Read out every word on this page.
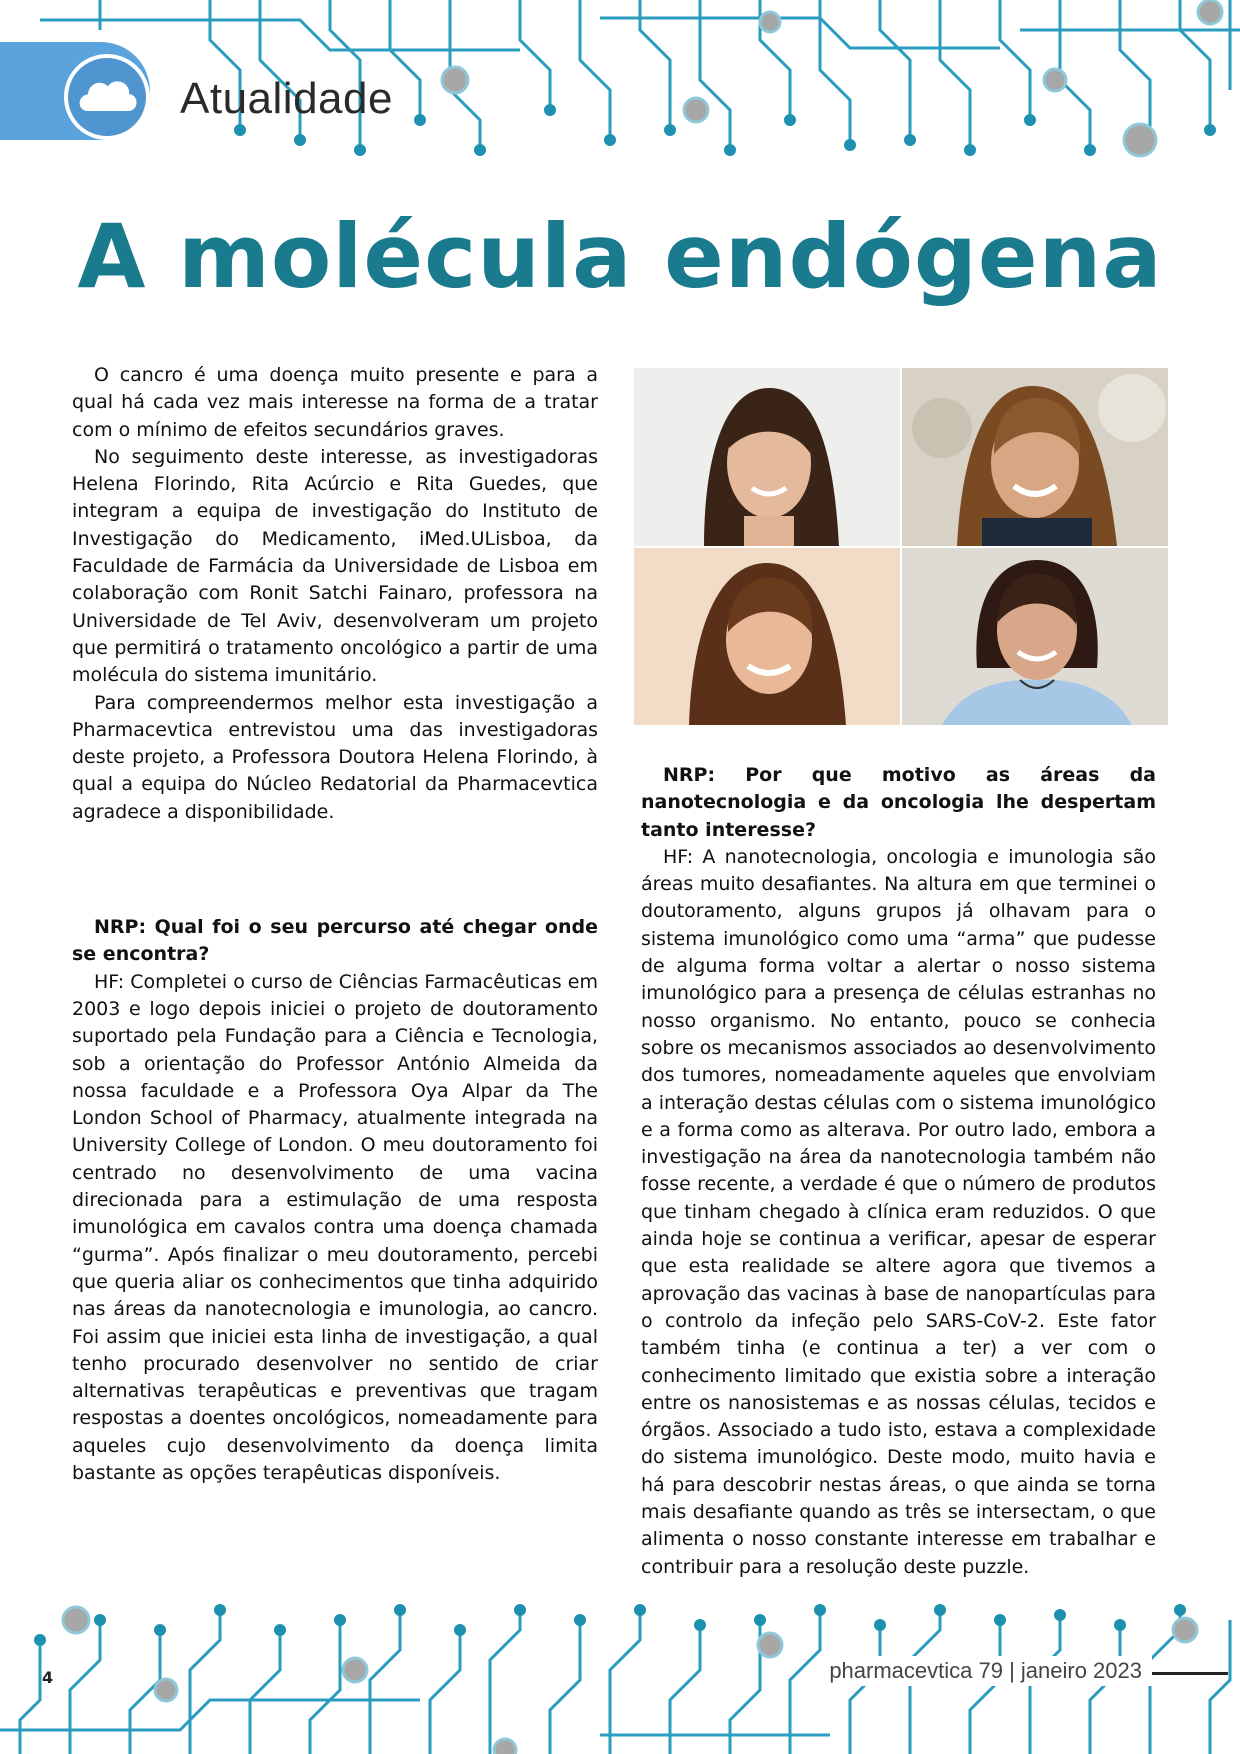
Atualidade
A molécula endógena

O cancro é uma doença muito presente e para a qual há cada vez mais interesse na forma de a tratar com o mínimo de efeitos secundários graves.

No seguimento deste interesse, as investigadoras Helena Florindo, Rita Acúrcio e Rita Guedes, que integram a equipa de investigação do Instituto de Investigação do Medicamento, iMed.ULisboa, da Faculdade de Farmácia da Universidade de Lisboa em colaboração com Ronit Satchi Fainaro, professora na Universidade de Tel Aviv, desenvolveram um projeto que permitirá o tratamento oncológico a partir de uma molécula do sistema imunitário.

Para compreendermos melhor esta investigação a Pharmacevtica entrevistou uma das investigadoras deste projeto, a Professora Doutora Helena Florindo, à qual a equipa do Núcleo Redatorial da Pharmacevtica agradece a disponibilidade.

NRP: Qual foi o seu percurso até chegar onde se encontra?

HF: Completei o curso de Ciências Farmacêuticas em 2003 e logo depois iniciei o projeto de doutoramento suportado pela Fundação para a Ciência e Tecnologia, sob a orientação do Professor António Almeida da nossa faculdade e a Professora Oya Alpar da The London School of Pharmacy, atualmente integrada na University College of London. O meu doutoramento foi centrado no desenvolvimento de uma vacina direcionada para a estimulação de uma resposta imunológica em cavalos contra uma doença chamada “gurma”. Após finalizar o meu doutoramento, percebi que queria aliar os conhecimentos que tinha adquirido nas áreas da nanotecnologia e imunologia, ao cancro. Foi assim que iniciei esta linha de investigação, a qual tenho procurado desenvolver no sentido de criar alternativas terapêuticas e preventivas que tragam respostas a doentes oncológicos, nomeadamente para aqueles cujo desenvolvimento da doença limita bastante as opções terapêuticas disponíveis.

NRP: Por que motivo as áreas da nanotecnologia e da oncologia lhe despertam tanto interesse?

HF: A nanotecnologia, oncologia e imunologia são áreas muito desafiantes. Na altura em que terminei o doutoramento, alguns grupos já olhavam para o sistema imunológico como uma “arma” que pudesse de alguma forma voltar a alertar o nosso sistema imunológico para a presença de células estranhas no nosso organismo. No entanto, pouco se conhecia sobre os mecanismos associados ao desenvolvimento dos tumores, nomeadamente aqueles que envolviam a interação destas células com o sistema imunológico e a forma como as alterava. Por outro lado, embora a investigação na área da nanotecnologia também não fosse recente, a verdade é que o número de produtos que tinham chegado à clínica eram reduzidos. O que ainda hoje se continua a verificar, apesar de esperar que esta realidade se altere agora que tivemos a aprovação das vacinas à base de nanopartículas para o controlo da infeção pelo SARS-CoV-2. Este fator também tinha (e continua a ter) a ver com o conhecimento limitado que existia sobre a interação entre os nanosistemas e as nossas células, tecidos e órgãos. Associado a tudo isto, estava a complexidade do sistema imunológico. Deste modo, muito havia e há para descobrir nestas áreas, o que ainda se torna mais desafiante quando as três se intersectam, o que alimenta o nosso constante interesse em trabalhar e contribuir para a resolução deste puzzle.

4	pharmacevtica 79 | janeiro 2023
